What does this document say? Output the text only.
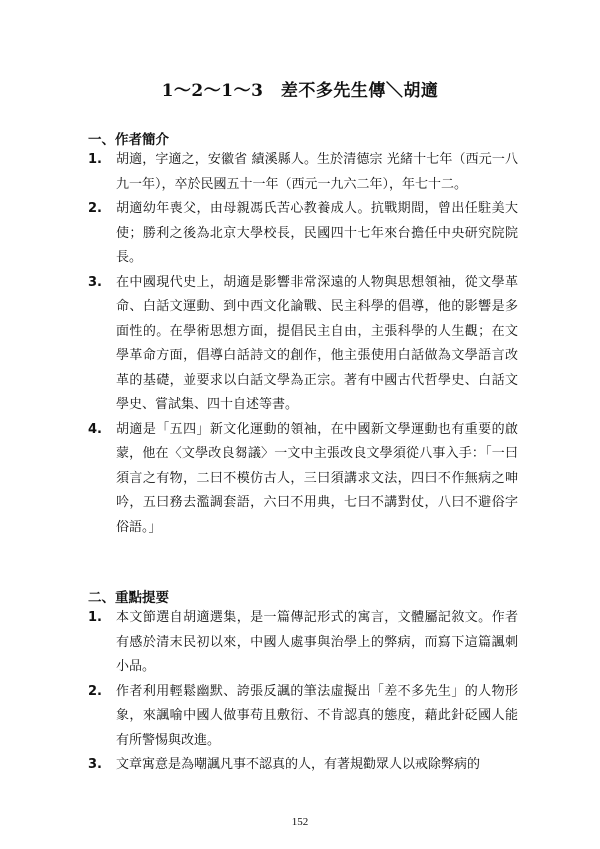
1～2～1～3　差不多先生傳＼胡適
一、作者簡介
1. 胡適，字適之，安徽省 績溪縣人。生於清德宗 光緒十七年（西元一八九一年），卒於民國五十一年（西元一九六二年），年七十二。
2. 胡適幼年喪父，由母親馮氏苦心教養成人。抗戰期間，曾出任駐美大使；勝利之後為北京大學校長，民國四十七年來台擔任中央研究院院長。
3. 在中國現代史上，胡適是影響非常深遠的人物與思想領袖，從文學革命、白話文運動、到中西文化論戰、民主科學的倡導，他的影響是多面性的。在學術思想方面，提倡民主自由，主張科學的人生觀；在文學革命方面，倡導白話詩文的創作，他主張使用白話做為文學語言改革的基礎，並要求以白話文學為正宗。著有中國古代哲學史、白話文學史、嘗試集、四十自述等書。
4. 胡適是「五四」新文化運動的領袖，在中國新文學運動也有重要的啟蒙，他在〈文學改良芻議〉一文中主張改良文學須從八事入手：「一曰須言之有物，二曰不模仿古人，三曰須講求文法，四曰不作無病之呻吟，五曰務去濫調套語，六曰不用典，七曰不講對仗，八曰不避俗字俗語。」
二、重點提要
1. 本文節選自胡適選集，是一篇傳記形式的寓言，文體屬記敘文。作者有感於清末民初以來，中國人處事與治學上的弊病，而寫下這篇諷刺小品。
2. 作者利用輕鬆幽默、誇張反諷的筆法虛擬出「差不多先生」的人物形象，來諷喻中國人做事苟且敷衍、不肯認真的態度，藉此針砭國人能有所警惕與改進。
3. 文章寓意是為嘲諷凡事不認真的人，有著規勸眾人以戒除弊病的
152
